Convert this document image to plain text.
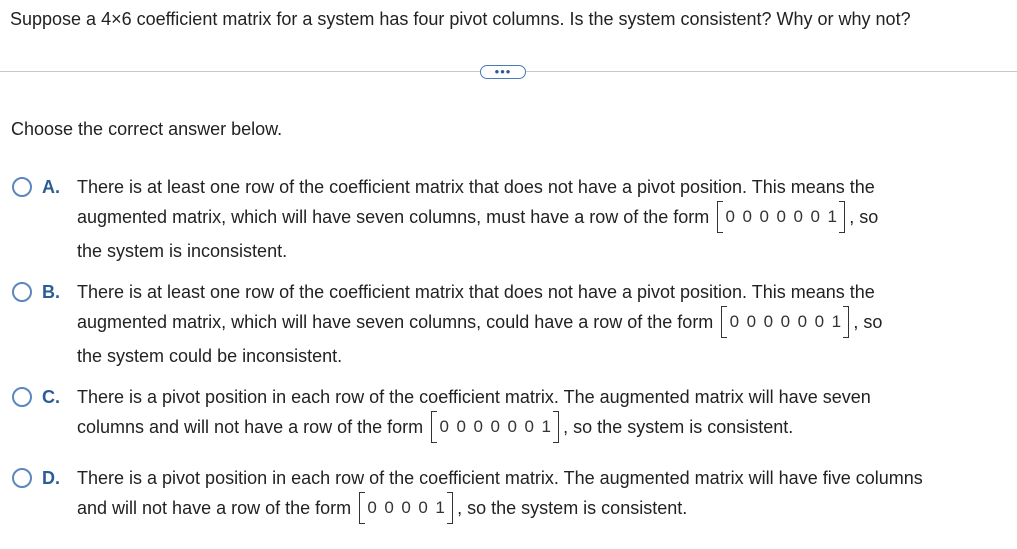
Suppose a 4×6 coefficient matrix for a system has four pivot columns. Is the system consistent? Why or why not?
•••
Choose the correct answer below.
A. There is at least one row of the coefficient matrix that does not have a pivot position. This means the
augmented matrix, which will have seven columns, must have a row of the form 0 0 0 0 0 0 1 , so
the system is inconsistent.
B. There is at least one row of the coefficient matrix that does not have a pivot position. This means the
augmented matrix, which will have seven columns, could have a row of the form 0 0 0 0 0 0 1 , so
the system could be inconsistent.
C. There is a pivot position in each row of the coefficient matrix. The augmented matrix will have seven
columns and will not have a row of the form 0 0 0 0 0 0 1 , so the system is consistent.
D. There is a pivot position in each row of the coefficient matrix. The augmented matrix will have five columns
and will not have a row of the form 0 0 0 0 1 , so the system is consistent.
